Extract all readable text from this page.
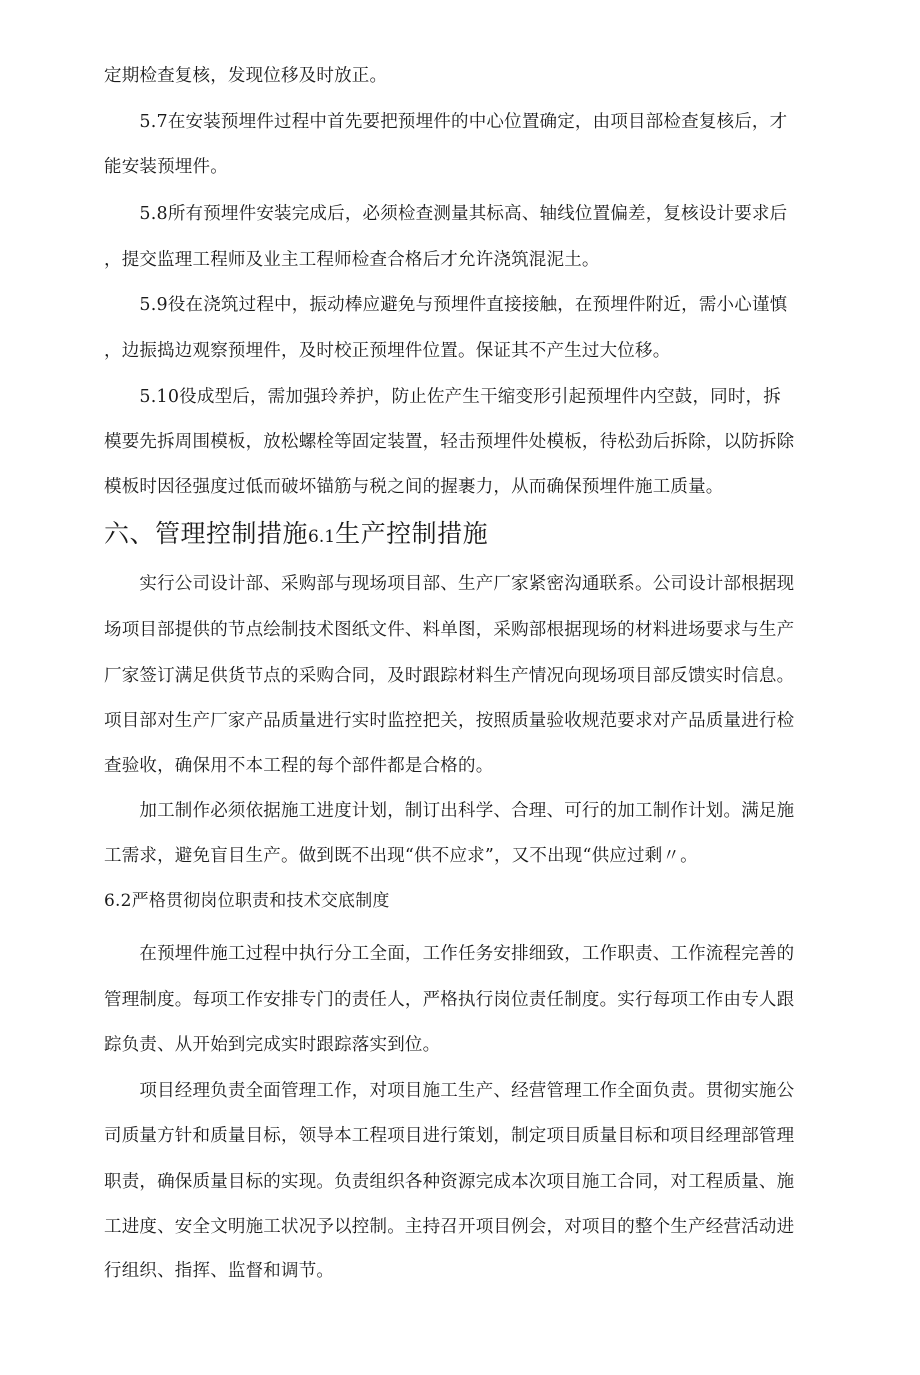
定期检查复核，发现位移及时放正。
　　5.7在安装预埋件过程中首先要把预埋件的中心位置确定，由项目部检查复核后，才
能安装预埋件。
　　5.8所有预埋件安装完成后，必须检查测量其标高、轴线位置偏差，复核设计要求后
，提交监理工程师及业主工程师检查合格后才允许浇筑混泥土。
　　5.9役在浇筑过程中，振动棒应避免与预埋件直接接触，在预埋件附近，需小心谨慎
，边振捣边观察预埋件，及时校正预埋件位置。保证其不产生过大位移。
　　5.10役成型后，需加强玲养护，防止佐产生干缩变形引起预埋件内空鼓，同时，拆
模要先拆周围模板，放松螺栓等固定装置，轻击预埋件处模板，待松劲后拆除，以防拆除
模板时因径强度过低而破坏锚筋与税之间的握裹力，从而确保预埋件施工质量。
六、管理控制措施6.1生产控制措施
　　实行公司设计部、采购部与现场项目部、生产厂家紧密沟通联系。公司设计部根据现
场项目部提供的节点绘制技术图纸文件、料单图，采购部根据现场的材料进场要求与生产
厂家签订满足供货节点的采购合同，及时跟踪材料生产情况向现场项目部反馈实时信息。
项目部对生产厂家产品质量进行实时监控把关，按照质量验收规范要求对产品质量进行检
查验收，确保用不本工程的每个部件都是合格的。
　　加工制作必须依据施工进度计划，制订出科学、合理、可行的加工制作计划。满足施
工需求，避免盲目生产。做到既不出现“供不应求”，又不出现“供应过剩〃。
6.2严格贯彻岗位职责和技术交底制度
　　在预埋件施工过程中执行分工全面，工作任务安排细致，工作职责、工作流程完善的
管理制度。每项工作安排专门的责任人，严格执行岗位责任制度。实行每项工作由专人跟
踪负责、从开始到完成实时跟踪落实到位。
　　项目经理负责全面管理工作，对项目施工生产、经营管理工作全面负责。贯彻实施公
司质量方针和质量目标，领导本工程项目进行策划，制定项目质量目标和项目经理部管理
职责，确保质量目标的实现。负责组织各种资源完成本次项目施工合同，对工程质量、施
工进度、安全文明施工状况予以控制。主持召开项目例会，对项目的整个生产经营活动进
行组织、指挥、监督和调节。
